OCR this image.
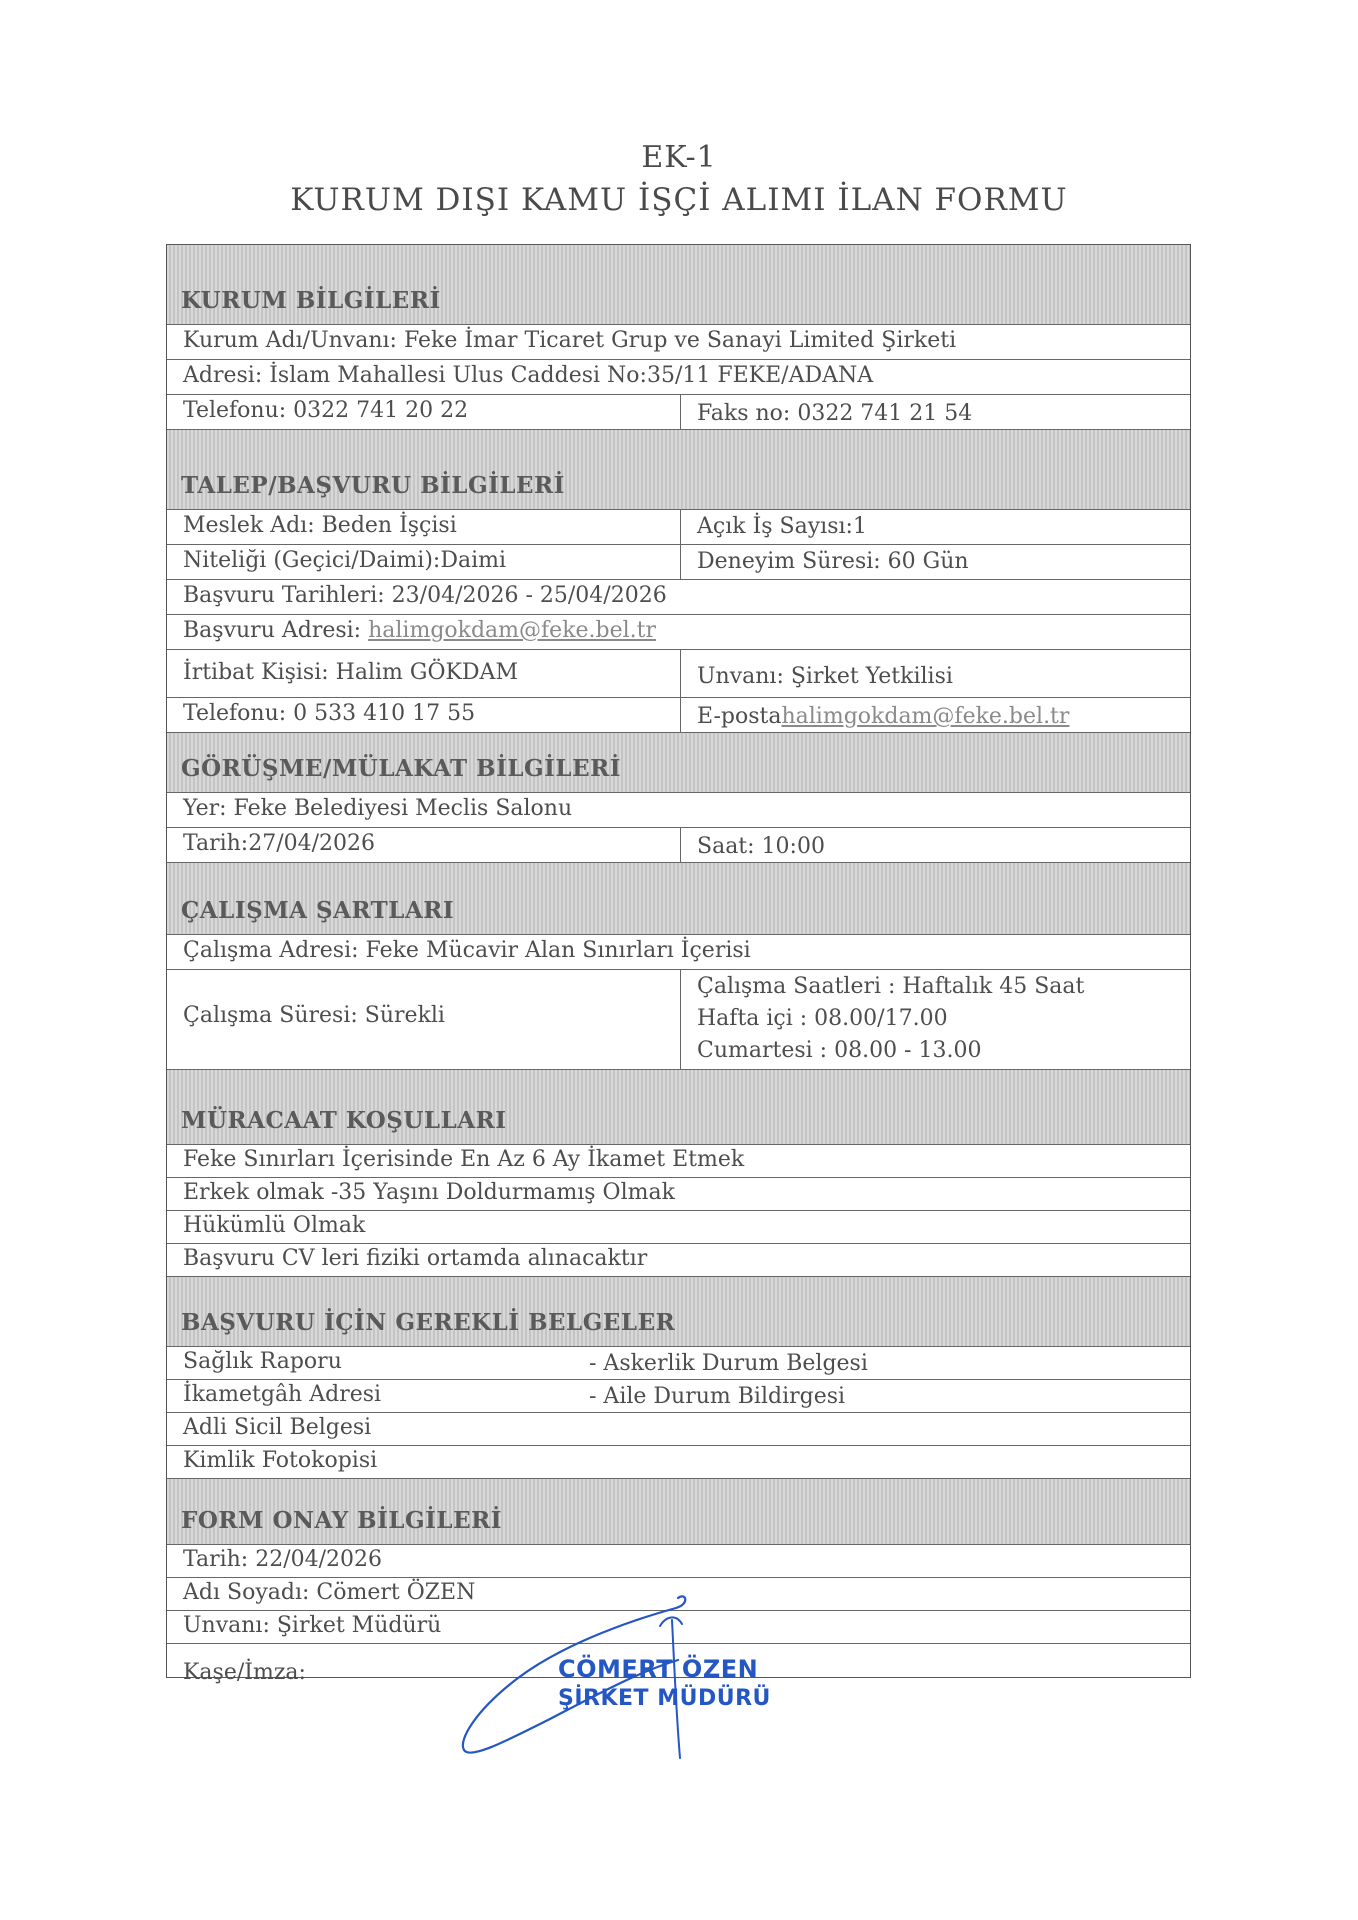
EK-1
KURUM DIŞI KAMU İŞÇİ ALIMI İLAN FORMU
KURUM BİLGİLERİ
Kurum Adı/Unvanı: Feke İmar Ticaret Grup ve Sanayi Limited Şirketi
Adresi: İslam Mahallesi Ulus Caddesi No:35/11 FEKE/ADANA
Telefonu: 0322 741 20 22	Faks no: 0322 741 21 54
TALEP/BAŞVURU BİLGİLERİ
Meslek Adı: Beden İşçisi	Açık İş Sayısı:1
Niteliği (Geçici/Daimi):Daimi	Deneyim Süresi: 60 Gün
Başvuru Tarihleri: 23/04/2026 - 25/04/2026
Başvuru Adresi: halimgokdam@feke.bel.tr
İrtibat Kişisi: Halim GÖKDAM	Unvanı: Şirket Yetkilisi
Telefonu: 0 533 410 17 55	E-postahalimgokdam@feke.bel.tr
GÖRÜŞME/MÜLAKAT BİLGİLERİ
Yer: Feke Belediyesi Meclis Salonu
Tarih:27/04/2026	Saat: 10:00
ÇALIŞMA ŞARTLARI
Çalışma Adresi: Feke Mücavir Alan Sınırları İçerisi
Çalışma Süresi: Sürekli
Çalışma Saatleri : Haftalık 45 Saat
Hafta içi : 08.00/17.00
Cumartesi : 08.00 - 13.00
MÜRACAAT KOŞULLARI
Feke Sınırları İçerisinde En Az 6 Ay İkamet Etmek
Erkek olmak -35 Yaşını Doldurmamış Olmak
Hükümlü Olmak
Başvuru CV leri fiziki ortamda alınacaktır
BAŞVURU İÇİN GEREKLİ BELGELER
Sağlık Raporu	- Askerlik Durum Belgesi
İkametgâh Adresi	- Aile Durum Bildirgesi
Adli Sicil Belgesi
Kimlik Fotokopisi
FORM ONAY BİLGİLERİ
Tarih: 22/04/2026
Adı Soyadı: Cömert ÖZEN
Unvanı: Şirket Müdürü
Kaşe/İmza:	CÖMERT ÖZEN
ŞİRKET MÜDÜRÜ
